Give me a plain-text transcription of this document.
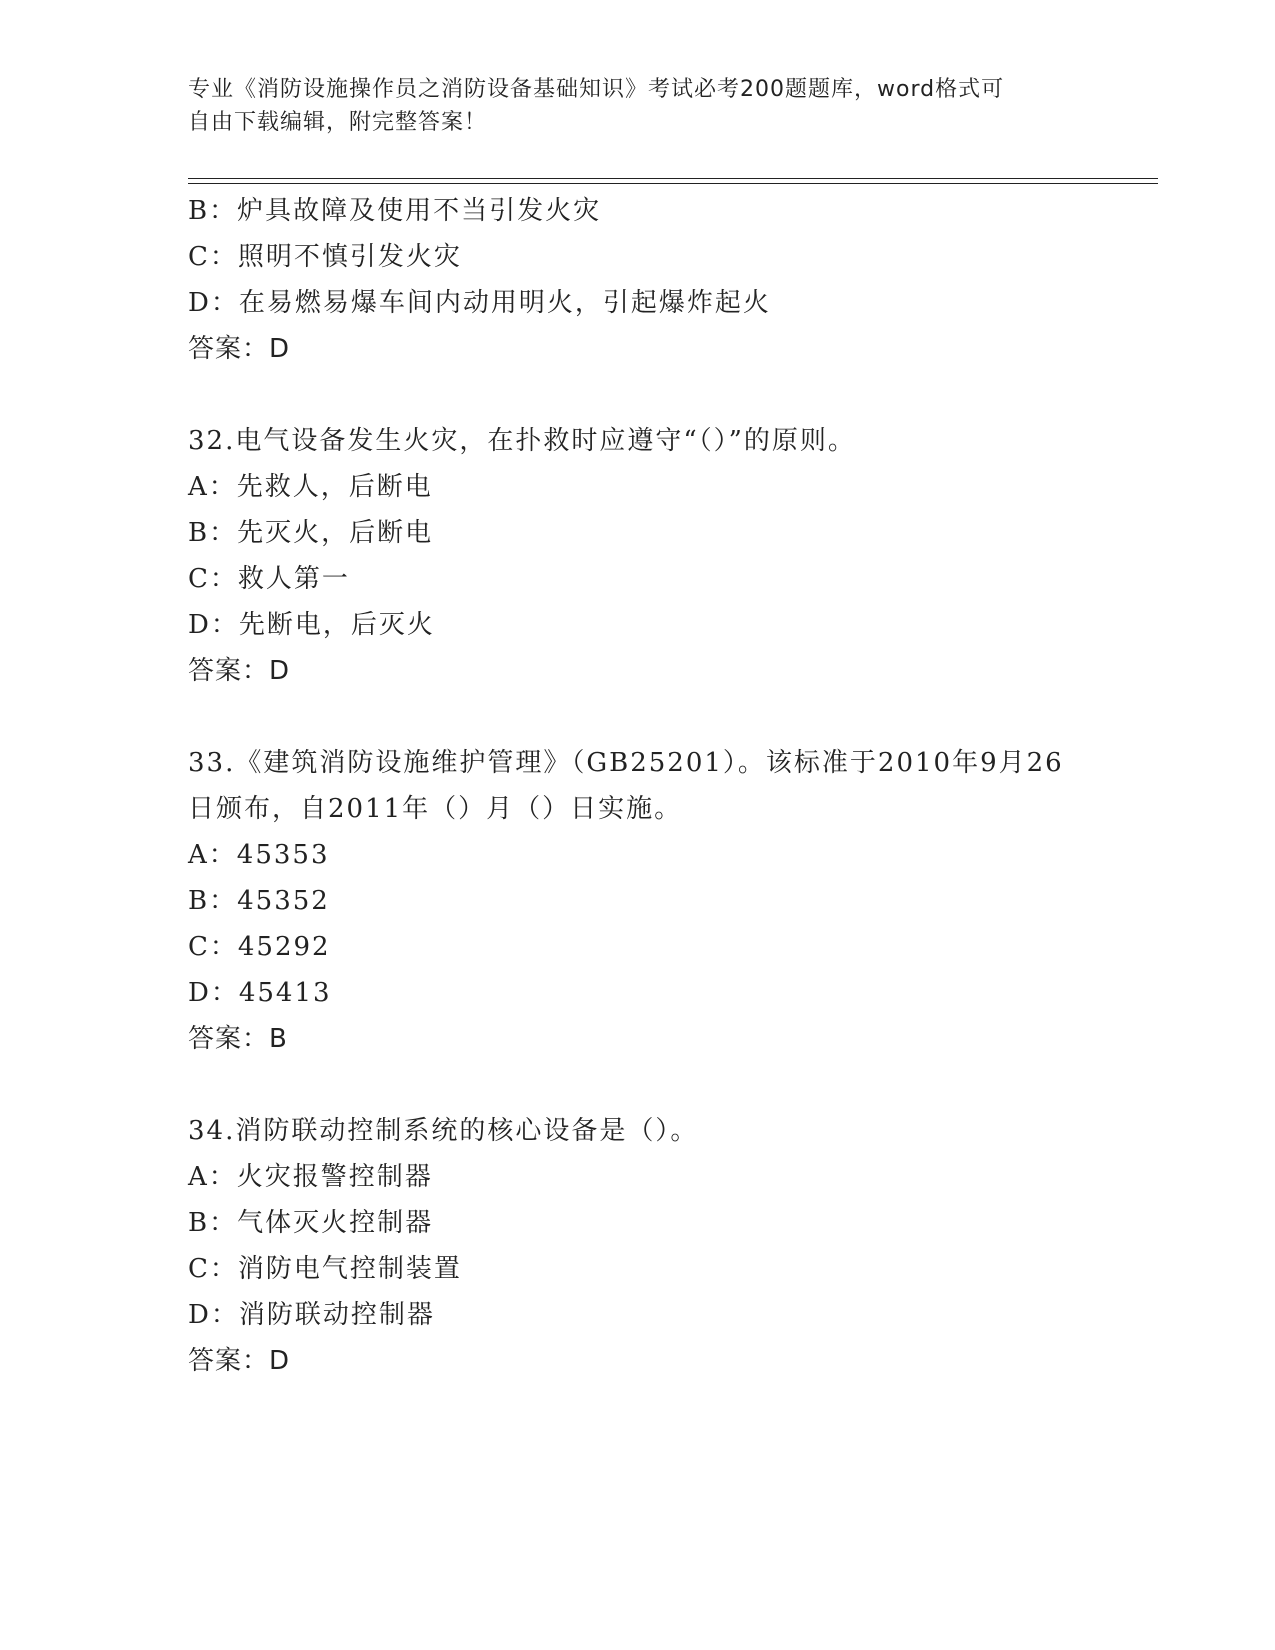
专业《消防设施操作员之消防设备基础知识》考试必考200题题库，word格式可
自由下载编辑，附完整答案！
B：炉具故障及使用不当引发火灾
C：照明不慎引发火灾
D：在易燃易爆车间内动用明火，引起爆炸起火
答案：D
32.电气设备发生火灾，在扑救时应遵守“（）”的原则。
A：先救人，后断电
B：先灭火，后断电
C：救人第一
D：先断电，后灭火
答案：D
33.《建筑消防设施维护管理》（GB25201）。该标准于2010年9月26
日颁布，自2011年（）月（）日实施。
A：45353
B：45352
C：45292
D：45413
答案：B
34.消防联动控制系统的核心设备是（）。
A：火灾报警控制器
B：气体灭火控制器
C：消防电气控制装置
D：消防联动控制器
答案：D
